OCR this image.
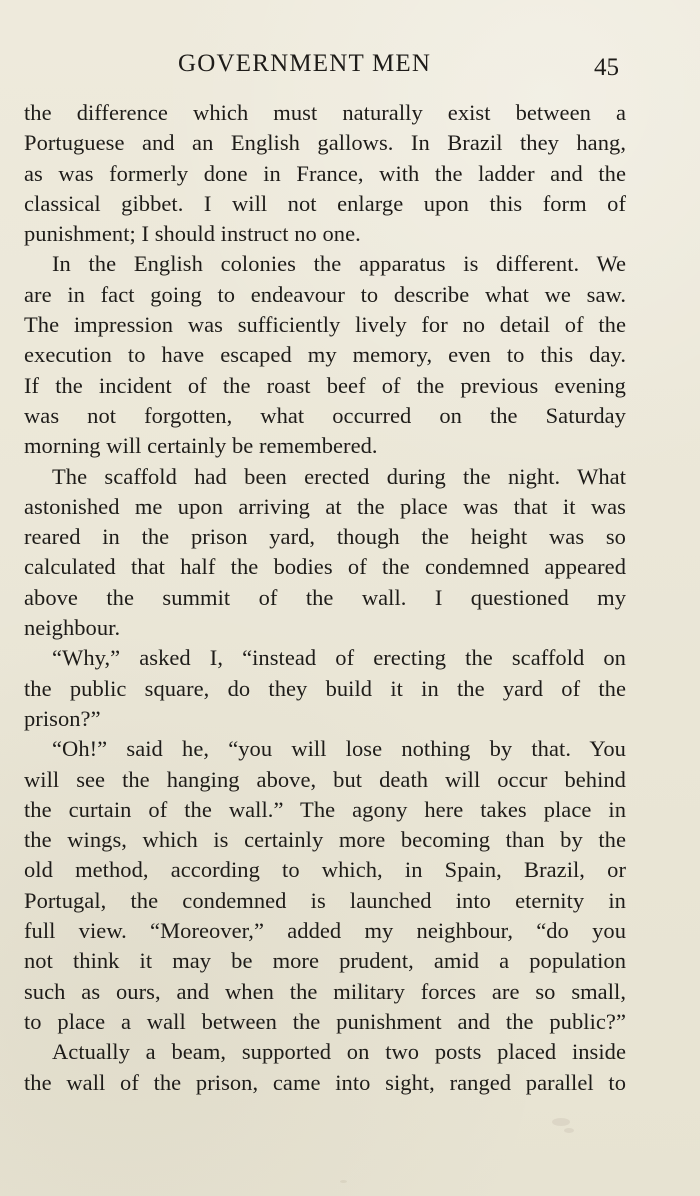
GOVERNMENT MEN	45
the difference which must naturally exist between a
Portuguese and an English gallows. In Brazil they hang,
as was formerly done in France, with the ladder and the
classical gibbet. I will not enlarge upon this form of
punishment; I should instruct no one.
In the English colonies the apparatus is different. We
are in fact going to endeavour to describe what we saw.
The impression was sufficiently lively for no detail of the
execution to have escaped my memory, even to this day.
If the incident of the roast beef of the previous evening
was not forgotten, what occurred on the Saturday
morning will certainly be remembered.
The scaffold had been erected during the night. What
astonished me upon arriving at the place was that it was
reared in the prison yard, though the height was so
calculated that half the bodies of the condemned appeared
above the summit of the wall. I questioned my
neighbour.
“Why,” asked I, “instead of erecting the scaffold on
the public square, do they build it in the yard of the
prison?”
“Oh!” said he, “you will lose nothing by that. You
will see the hanging above, but death will occur behind
the curtain of the wall.” The agony here takes place in
the wings, which is certainly more becoming than by the
old method, according to which, in Spain, Brazil, or
Portugal, the condemned is launched into eternity in
full view. “Moreover,” added my neighbour, “do you
not think it may be more prudent, amid a population
such as ours, and when the military forces are so small,
to place a wall between the punishment and the public?”
Actually a beam, supported on two posts placed inside
the wall of the prison, came into sight, ranged parallel to
